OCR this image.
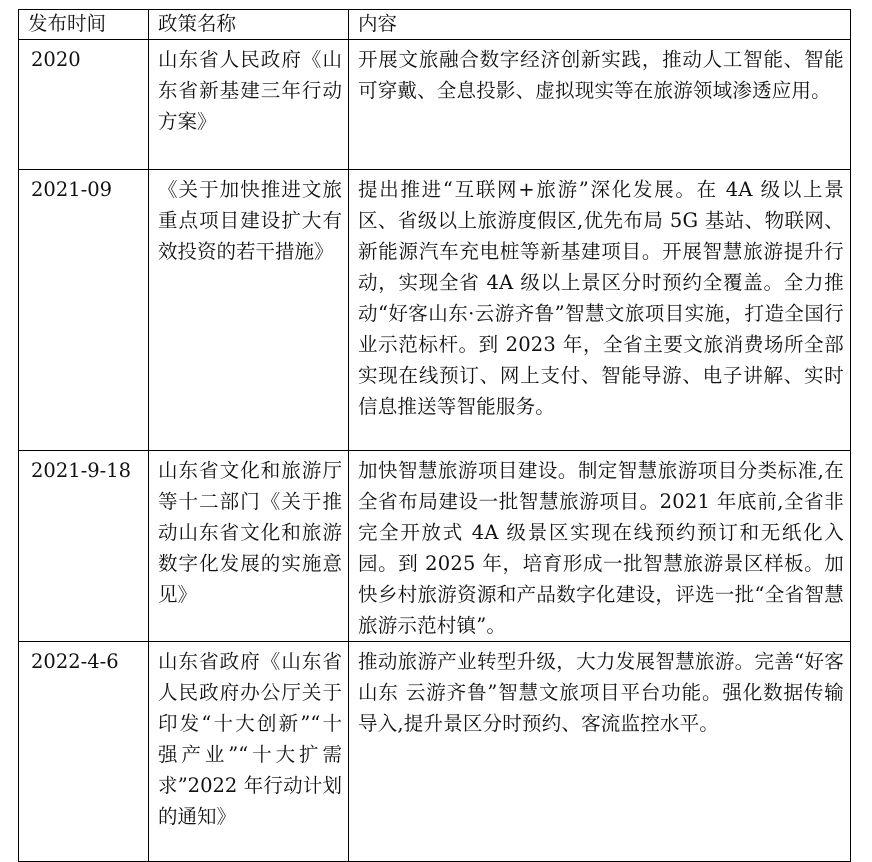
发布时间	政策名称	内容
2020	山东省人民政府《山东省新基建三年行动方案》	开展文旅融合数字经济创新实践，推动人工智能、智能可穿戴、全息投影、虚拟现实等在旅游领域渗透应用。
2021-09	《关于加快推进文旅重点项目建设扩大有效投资的若干措施》	提出推进“互联网+旅游”深化发展。在 4A 级以上景区、省级以上旅游度假区,优先布局 5G 基站、物联网、新能源汽车充电桩等新基建项目。开展智慧旅游提升行动，实现全省 4A 级以上景区分时预约全覆盖。全力推动“好客山东·云游齐鲁”智慧文旅项目实施，打造全国行业示范标杆。到 2023 年，全省主要文旅消费场所全部实现在线预订、网上支付、智能导游、电子讲解、实时信息推送等智能服务。
2021-9-18	山东省文化和旅游厅等十二部门《关于推动山东省文化和旅游数字化发展的实施意见》	加快智慧旅游项目建设。制定智慧旅游项目分类标准,在全省布局建设一批智慧旅游项目。2021 年底前,全省非完全开放式 4A 级景区实现在线预约预订和无纸化入园。到 2025 年，培育形成一批智慧旅游景区样板。加快乡村旅游资源和产品数字化建设，评选一批“全省智慧旅游示范村镇”。
2022-4-6	山东省政府《山东省人民政府办公厅关于印发“十大创新”“十强产业”“十大扩需求”2022 年行动计划的通知》	推动旅游产业转型升级，大力发展智慧旅游。完善“好客山东 云游齐鲁”智慧文旅项目平台功能。强化数据传输导入,提升景区分时预约、客流监控水平。
